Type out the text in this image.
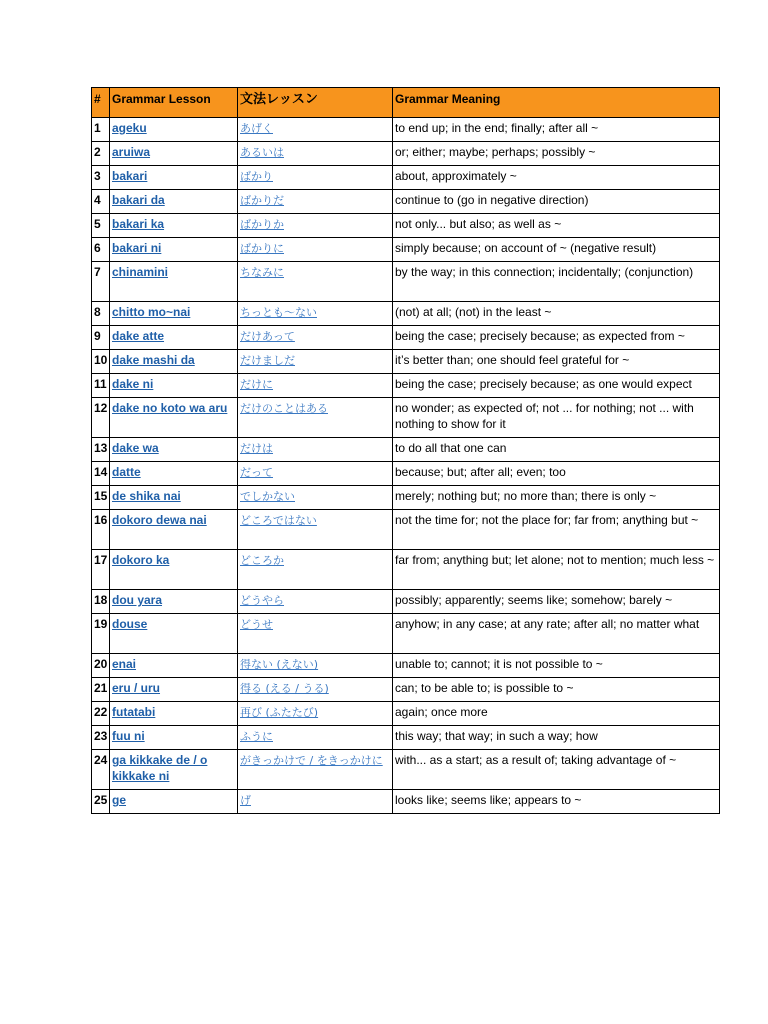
#	Grammar Lesson	文法レッスン	Grammar Meaning
1	ageku	あげく	to end up; in the end; finally; after all ~
2	aruiwa	あるいは	or; either; maybe; perhaps; possibly ~
3	bakari	ばかり	about, approximately ~
4	bakari da	ばかりだ	continue to (go in negative direction)
5	bakari ka	ばかりか	not only... but also; as well as ~
6	bakari ni	ばかりに	simply because; on account of ~ (negative result)
7	chinamini	ちなみに	by the way; in this connection; incidentally; (conjunction)
8	chitto mo~nai	ちっとも〜ない	(not) at all; (not) in the least ~
9	dake atte	だけあって	being the case; precisely because; as expected from ~
10	dake mashi da	だけましだ	it’s better than; one should feel grateful for ~
11	dake ni	だけに	being the case; precisely because; as one would expect
12	dake no koto wa aru	だけのことはある	no wonder; as expected of; not ... for nothing; not ... with nothing to show for it
13	dake wa	だけは	to do all that one can
14	datte	だって	because; but; after all; even; too
15	de shika nai	でしかない	merely; nothing but; no more than; there is only ~
16	dokoro dewa nai	どころではない	not the time for; not the place for; far from; anything but ~
17	dokoro ka	どころか	far from; anything but; let alone; not to mention; much less ~
18	dou yara	どうやら	possibly; apparently; seems like; somehow; barely ~
19	douse	どうせ	anyhow; in any case; at any rate; after all; no matter what
20	enai	得ない (えない)	unable to; cannot; it is not possible to ~
21	eru / uru	得る (える / うる)	can; to be able to; is possible to ~
22	futatabi	再び (ふたたび)	again; once more
23	fuu ni	ふうに	this way; that way; in such a way; how
24	ga kikkake de / o kikkake ni	がきっかけで / をきっかけに	with... as a start; as a result of; taking advantage of ~
25	ge	げ	looks like; seems like; appears to ~
